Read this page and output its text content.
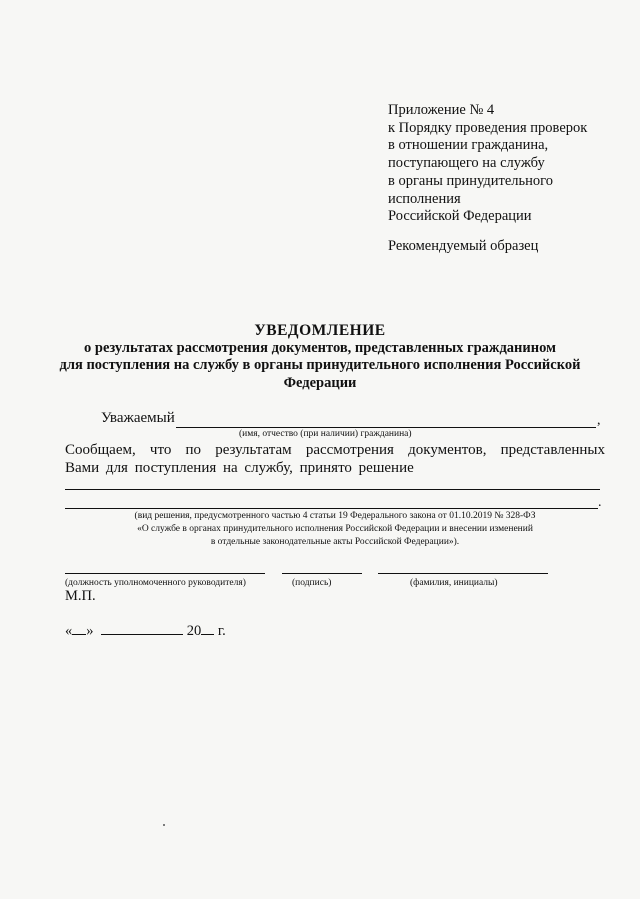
Приложение № 4
к Порядку проведения проверок
в отношении гражданина,
поступающего на службу
в органы принудительного
исполнения
Российской Федерации
Рекомендуемый образец
УВЕДОМЛЕНИЕ
о результатах рассмотрения документов, представленных гражданином
для поступления на службу в органы принудительного исполнения Российской
Федерации
Уважаемый	,
(имя, отчество (при наличии) гражданина)
Сообщаем, что по результатам рассмотрения документов, представленных
Вами для поступления на службу, принято решение
.
(вид решения, предусмотренного частью 4 статьи 19 Федерального закона от 01.10.2019 № 328-ФЗ
«О службе в органах принудительного исполнения Российской Федерации и внесении изменений
в отдельные законодательные акты Российской Федерации»).
(должность уполномоченного руководителя)	(подпись)	(фамилия, инициалы)
М.П.
« »	20 г.
